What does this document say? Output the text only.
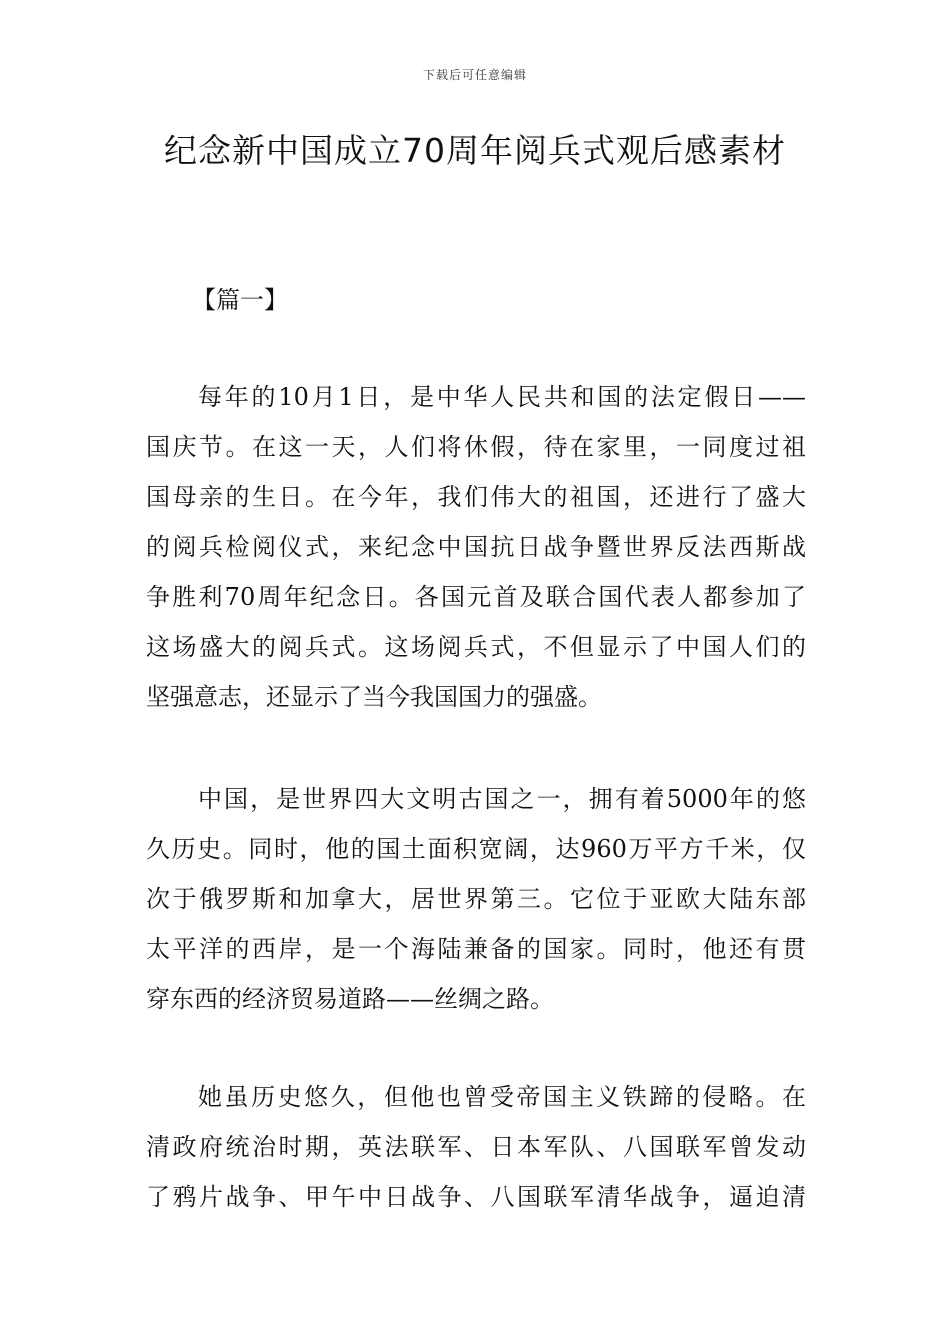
下载后可任意编辑
纪念新中国成立70周年阅兵式观后感素材
【篇一】
每年的10月1日，是中华人民共和国的法定假日——
国庆节。在这一天，人们将休假，待在家里，一同度过祖
国母亲的生日。在今年，我们伟大的祖国，还进行了盛大
的阅兵检阅仪式，来纪念中国抗日战争暨世界反法西斯战
争胜利70周年纪念日。各国元首及联合国代表人都参加了
这场盛大的阅兵式。这场阅兵式，不但显示了中国人们的
坚强意志，还显示了当今我国国力的强盛。
中国，是世界四大文明古国之一，拥有着5000年的悠
久历史。同时，他的国土面积宽阔，达960万平方千米，仅
次于俄罗斯和加拿大，居世界第三。它位于亚欧大陆东部
太平洋的西岸，是一个海陆兼备的国家。同时，他还有贯
穿东西的经济贸易道路——丝绸之路。
她虽历史悠久，但他也曾受帝国主义铁蹄的侵略。在
清政府统治时期，英法联军、日本军队、八国联军曾发动
了鸦片战争、甲午中日战争、八国联军清华战争，逼迫清
